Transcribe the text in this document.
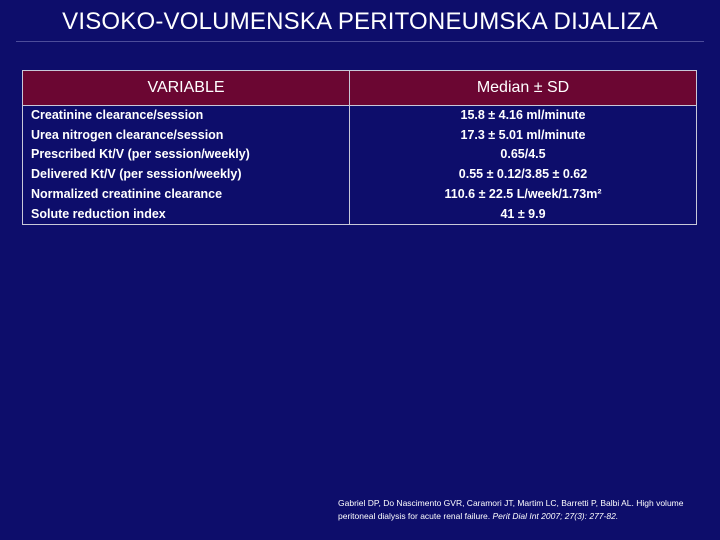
VISOKO-VOLUMENSKA PERITONEUMSKA DIJALIZA
VARIABLE	Median ± SD
Creatinine clearance/session	15.8 ± 4.16 ml/minute
Urea nitrogen clearance/session	17.3 ± 5.01 ml/minute
Prescribed Kt/V (per session/weekly)	0.65/4.5
Delivered Kt/V (per session/weekly)	0.55 ± 0.12/3.85 ± 0.62
Normalized creatinine clearance	110.6 ± 22.5 L/week/1.73m²
Solute reduction index	41 ± 9.9
Gabriel DP, Do Nascimento GVR, Caramori JT, Martim LC, Barretti P, Balbi AL. High volume peritoneal dialysis for acute renal failure. Perit Dial Int 2007; 27(3): 277-82.
